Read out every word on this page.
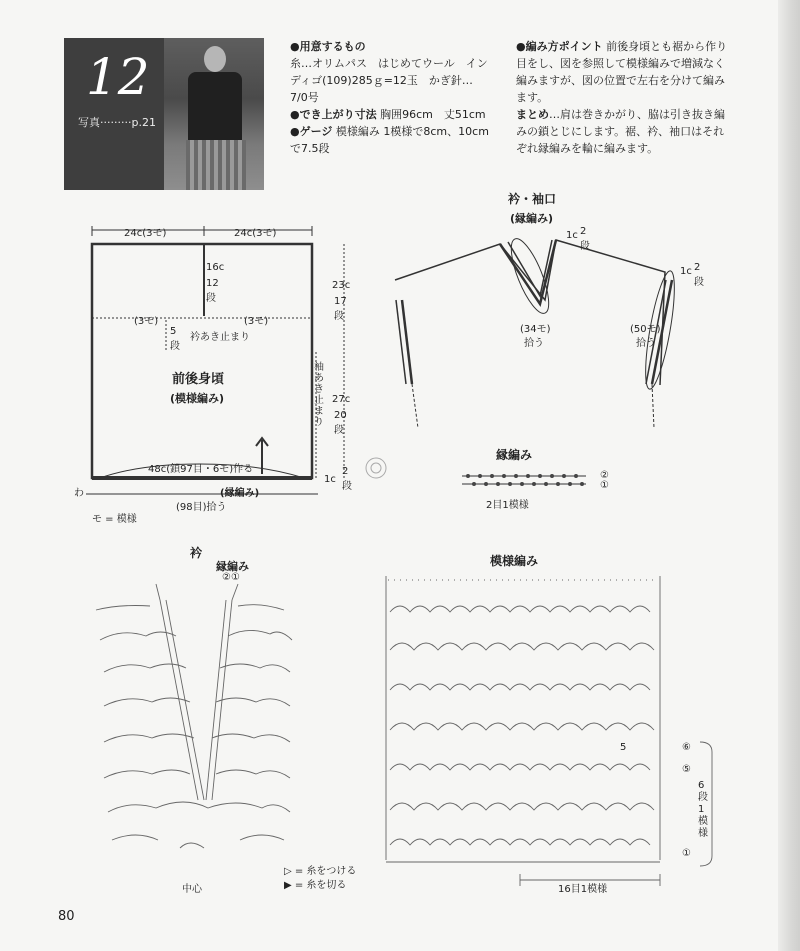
12
写真·········p.21
●用意するもの
糸…オリムパス　はじめてウール　インディゴ(109)285ｇ=12玉　かぎ針…7/0号
●でき上がり寸法 胸囲96cm　丈51cm
●ゲージ 模様編み 1模様で8cm、10cmで7.5段
●編み方ポイント 前後身頃とも裾から作り目をし、図を参照して模様編みで増減なく編みますが、図の位置で左右を分けて編みます。
まとめ…肩は巻きかがり、脇は引き抜き編みの鎖とじにします。裾、衿、袖口はそれぞれ縁編みを輪に編みます。
24c(3モ)	24c(3モ)
16c
12段
(3モ)	(3モ)
5段
衿あき止まり
前後身頃
(模様編み)
23c
17段
袖あき止まり
27c
20段
1c
2段
48c(鎖97目・6モ)作る
(縁編み)
(98目)拾う
わ
モ = 模様
衿・袖口
(縁編み)
1c 2段
1c 2段
(34モ)
拾う
(50モ)
拾う
縁編み
②
①
2目1模様
衿
縁編み
②①
中心
▷ = 糸をつける
▶ = 糸を切る
模様編み
⑥
⑤
①
6段1模様
16目1模様
5
80
